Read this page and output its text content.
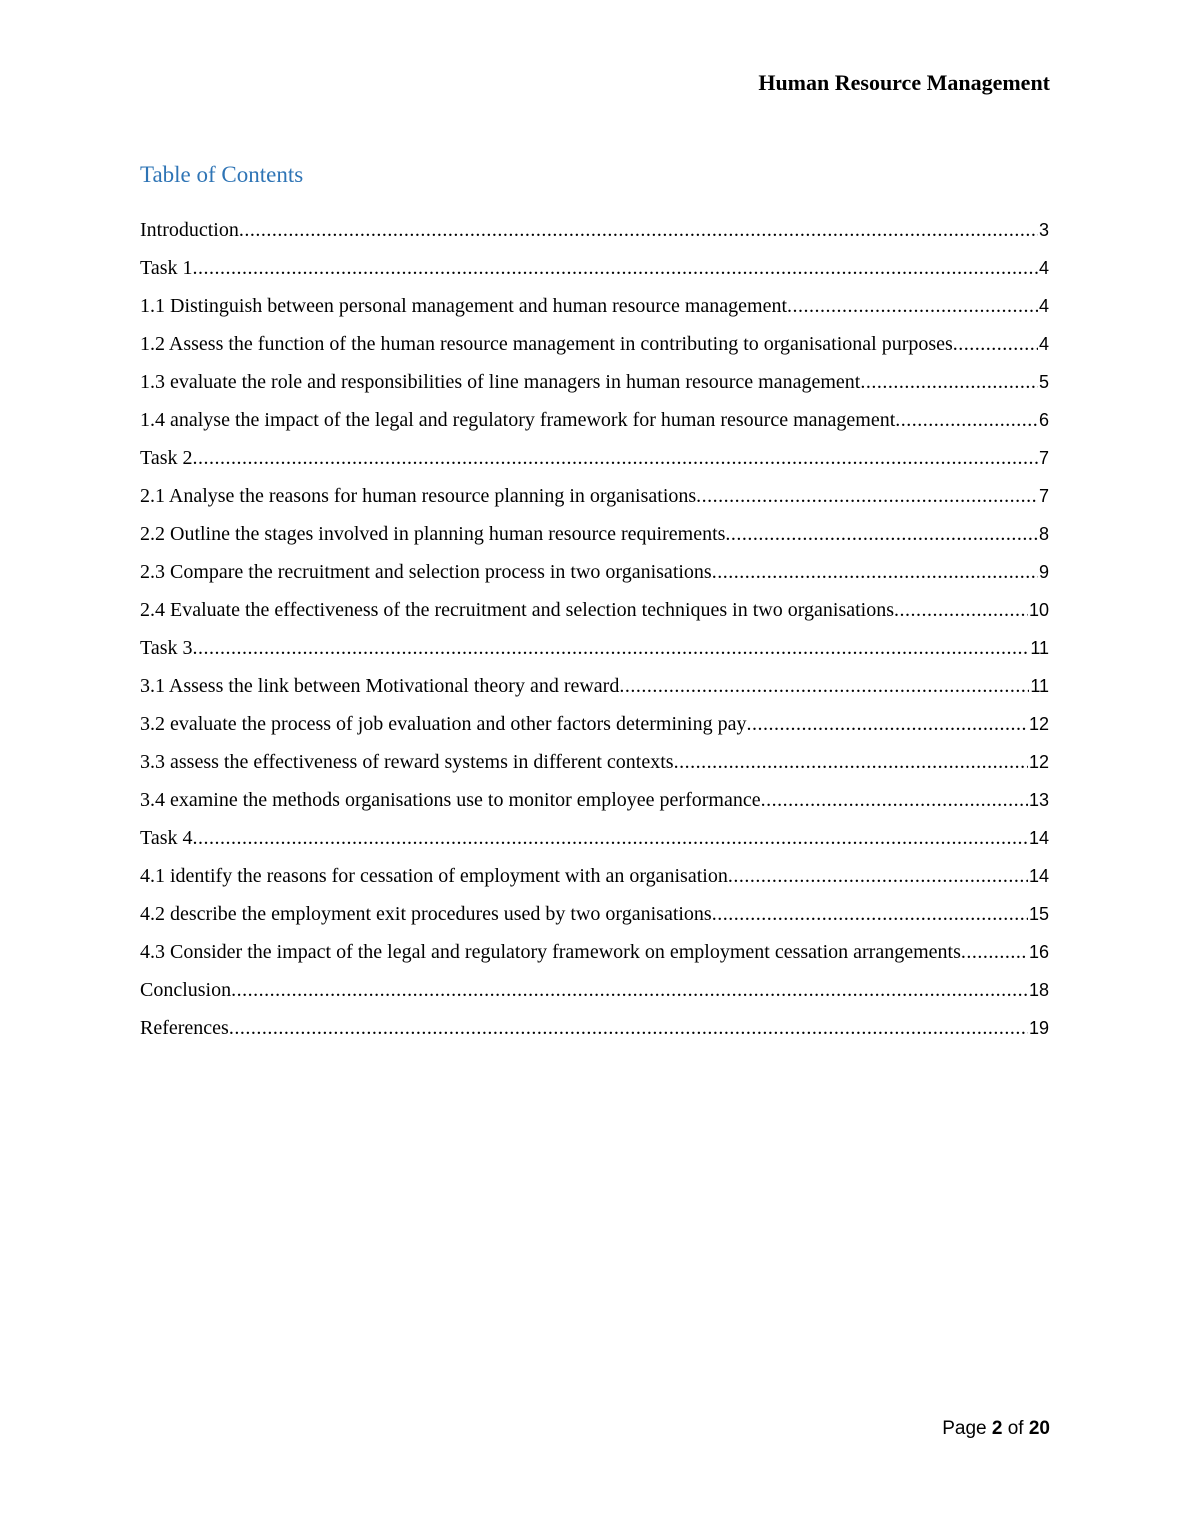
Human Resource Management
Table of Contents
Introduction .....	3
Task 1 .....	4
1.1 Distinguish between personal management and human resource management .....	4
1.2 Assess the function of the human resource management in contributing to organisational purposes .....	4
1.3 evaluate the role and responsibilities of line managers in human resource management .....	5
1.4 analyse the impact of the legal and regulatory framework for human resource management .....	6
Task 2 .....	7
2.1 Analyse the reasons for human resource planning in organisations .....	7
2.2 Outline the stages involved in planning human resource requirements .....	8
2.3 Compare the recruitment and selection process in two organisations .....	9
2.4 Evaluate the effectiveness of the recruitment and selection techniques in two organisations .....	10
Task 3 .....	11
3.1 Assess the link between Motivational theory and reward .....	11
3.2 evaluate the process of job evaluation and other factors determining pay .....	12
3.3 assess the effectiveness of reward systems in different contexts .....	12
3.4 examine the methods organisations use to monitor employee performance .....	13
Task 4 .....	14
4.1 identify the reasons for cessation of employment with an organisation .....	14
4.2 describe the employment exit procedures used by two organisations .....	15
4.3 Consider the impact of the legal and regulatory framework on employment cessation arrangements .....	16
Conclusion .....	18
References .....	19
Page 2 of 20
